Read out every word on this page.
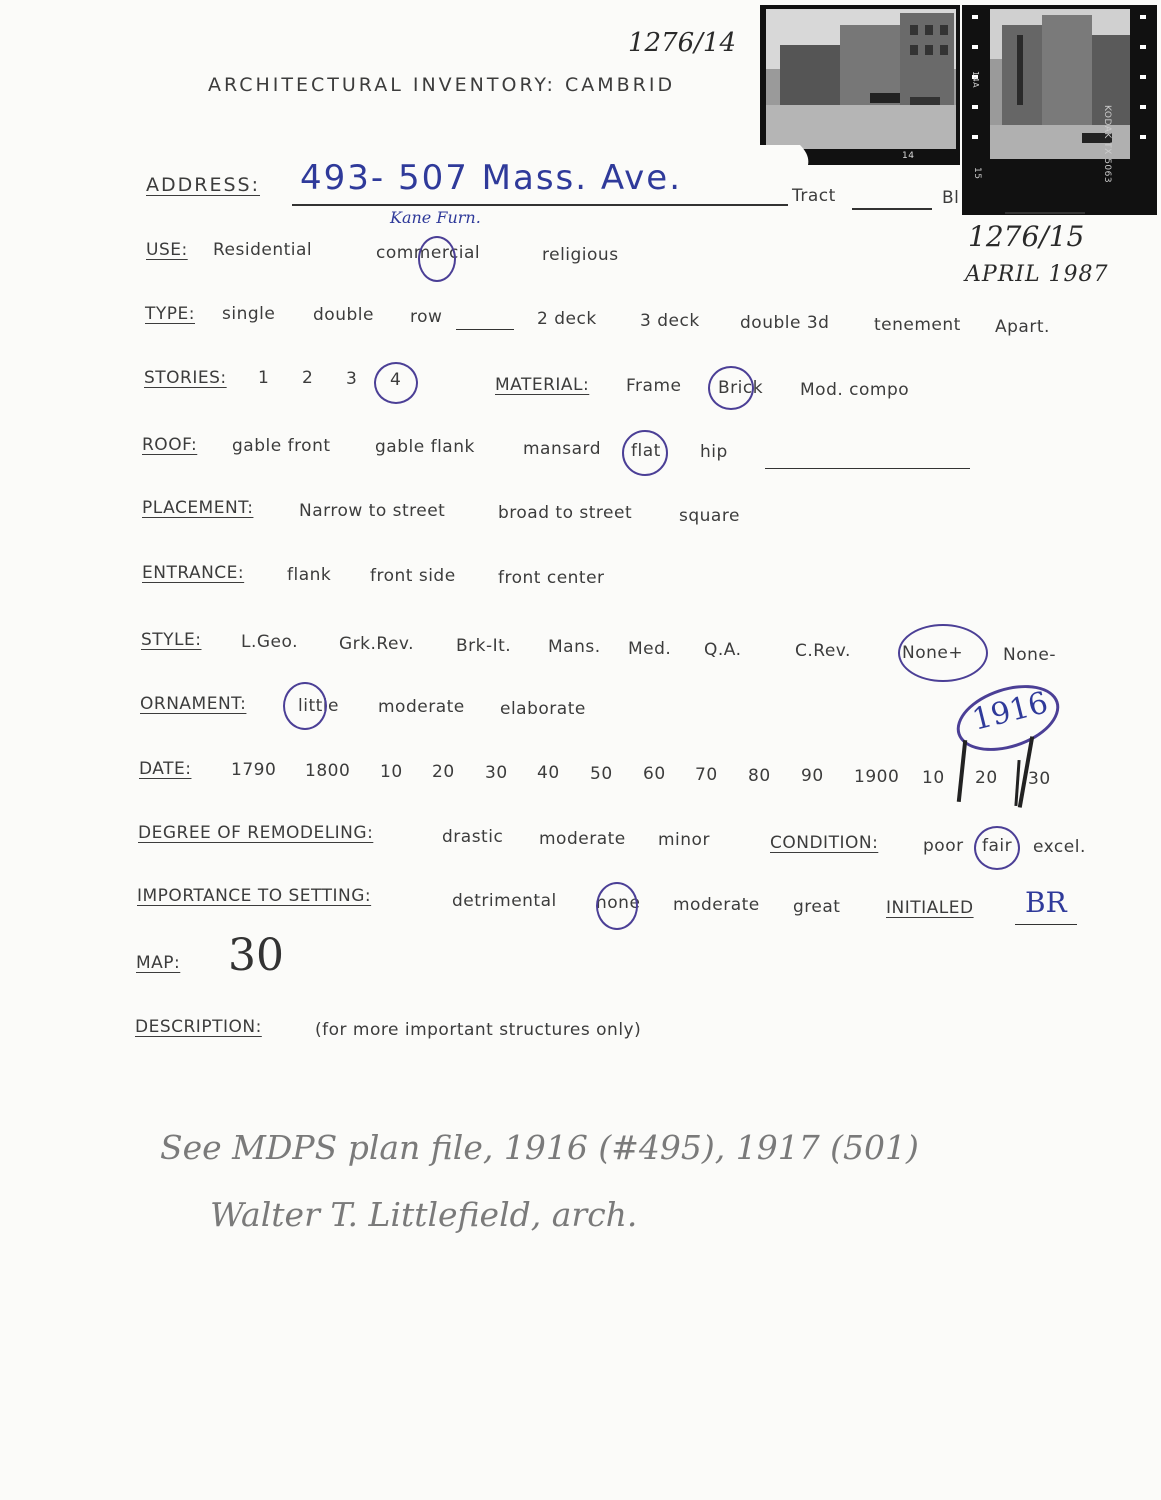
1276/14
ARCHITECTURAL INVENTORY: CAMBRID
14	KODAK TX 5063
14A
15
ADDRESS: 493- 507 Mass. Ave.	Tract	Bl
1276/15
APRIL 1987
Kane Furn.
USE: Residential	commercial	religious
TYPE: single double row	2 deck	3 deck double 3d	tenement Apart.
STORIES: 1 2 3 4	MATERIAL: Frame Brick Mod. compo
ROOF: gable front	gable flank	mansard flat hip
PLACEMENT:	Narrow to street	broad to street	square
ENTRANCE:	flank front side front center
STYLE: L.Geo. Grk.Rev. Brk-It. Mans. Med. Q.A.	C.Rev.	None+ None-
ORNAMENT:	little moderate elaborate	1916
DATE: 1790 1800 10 20 30 40 50 60 70 80 90 1900 10 20 30
DEGREE OF REMODELING:	drastic moderate minor	CONDITION:	poor fair excel.
IMPORTANCE TO SETTING:	detrimental none moderate great	INITIALED BR
MAP: 30
DESCRIPTION:	(for more important structures only)
See MDPS plan file, 1916 (#495), 1917 (501)
Walter T. Littlefield, arch.
